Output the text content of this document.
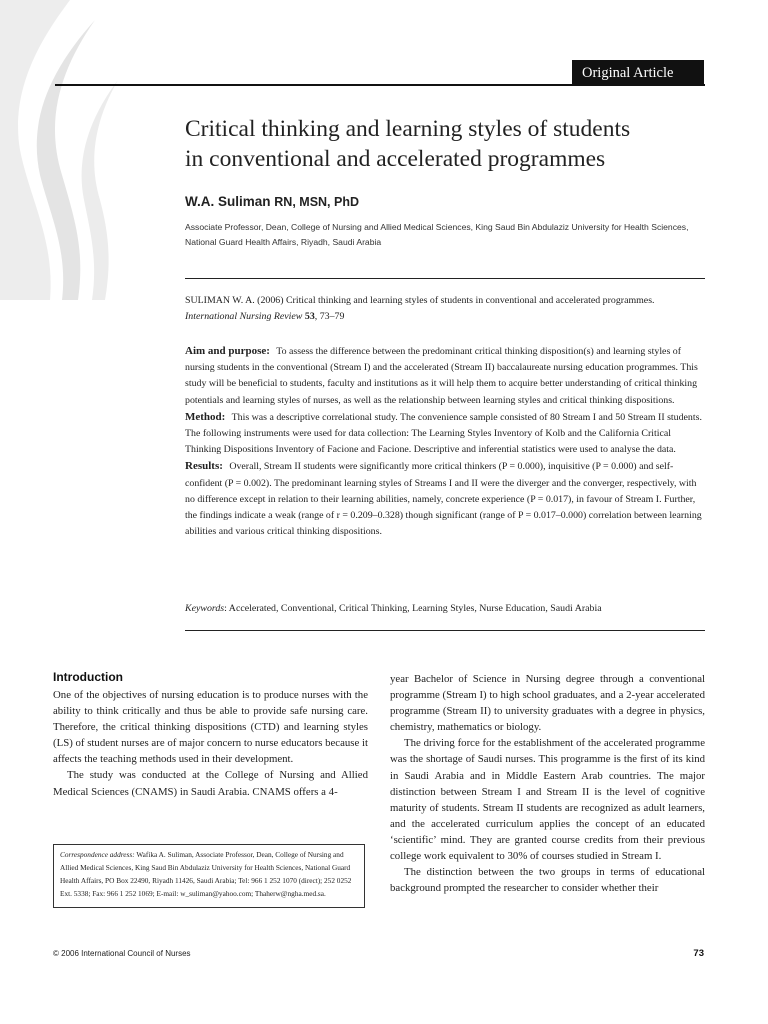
Original Article
Critical thinking and learning styles of students
in conventional and accelerated programmes
W.A. Suliman RN, MSN, PhD
Associate Professor, Dean, College of Nursing and Allied Medical Sciences, King Saud Bin Abdulaziz University for Health Sciences,
National Guard Health Affairs, Riyadh, Saudi Arabia
SULIMAN W. A. (2006) Critical thinking and learning styles of students in conventional and accelerated programmes. International Nursing Review 53, 73–79

Aim and purpose: To assess the difference between the predominant critical thinking disposition(s) and learning styles of nursing students in the conventional (Stream I) and the accelerated (Stream II) baccalaureate nursing education programmes. This study will be beneficial to students, faculty and institutions as it will help them to acquire better understanding of critical thinking potentials and learning styles of nurses, as well as the relationship between learning styles and critical thinking dispositions.

Method: This was a descriptive correlational study. The convenience sample consisted of 80 Stream I and 50 Stream II students. The following instruments were used for data collection: The Learning Styles Inventory of Kolb and the California Critical Thinking Dispositions Inventory of Facione and Facione. Descriptive and inferential statistics were used to analyse the data.

Results: Overall, Stream II students were significantly more critical thinkers (P = 0.000), inquisitive (P = 0.000) and self-confident (P = 0.002). The predominant learning styles of Streams I and II were the diverger and the converger, respectively, with no difference except in relation to their learning abilities, namely, concrete experience (P = 0.017), in favour of Stream I. Further, the findings indicate a weak (range of r = 0.209–0.328) though significant (range of P = 0.017–0.000) correlation between learning abilities and various critical thinking dispositions.

Keywords: Accelerated, Conventional, Critical Thinking, Learning Styles, Nurse Education, Saudi Arabia
Introduction

One of the objectives of nursing education is to produce nurses with the ability to think critically and thus be able to provide safe nursing care. Therefore, the critical thinking dispositions (CTD) and learning styles (LS) of student nurses are of major concern to nurse educators because it affects the teaching methods used in their development.

The study was conducted at the College of Nursing and Allied Medical Sciences (CNAMS) in Saudi Arabia. CNAMS offers a 4-

year Bachelor of Science in Nursing degree through a conventional programme (Stream I) to high school graduates, and a 2-year accelerated programme (Stream II) to university graduates with a degree in physics, chemistry, mathematics or biology.

The driving force for the establishment of the accelerated programme was the shortage of Saudi nurses. This programme is the first of its kind in Saudi Arabia and in Middle Eastern Arab countries. The major distinction between Stream I and Stream II is the level of cognitive maturity of students. Stream II students are recognized as adult learners, and the accelerated curriculum applies the concept of an educated ‘scientific’ mind. They are granted course credits from their previous college work equivalent to 30% of courses studied in Stream I.

The distinction between the two groups in terms of educational background prompted the researcher to consider whether their

Correspondence address: Wafika A. Suliman, Associate Professor, Dean, College of Nursing and Allied Medical Sciences, King Saud Bin Abdulaziz University for Health Sciences, National Guard Health Affairs, PO Box 22490, Riyadh 11426, Saudi Arabia; Tel: 966 1 252 1070 (direct); 252 0252 Ext. 5338; Fax: 966 1 252 1069; E-mail: w_suliman@yahoo.com; Thaherw@ngha.med.sa.
© 2006 International Council of Nurses	73
